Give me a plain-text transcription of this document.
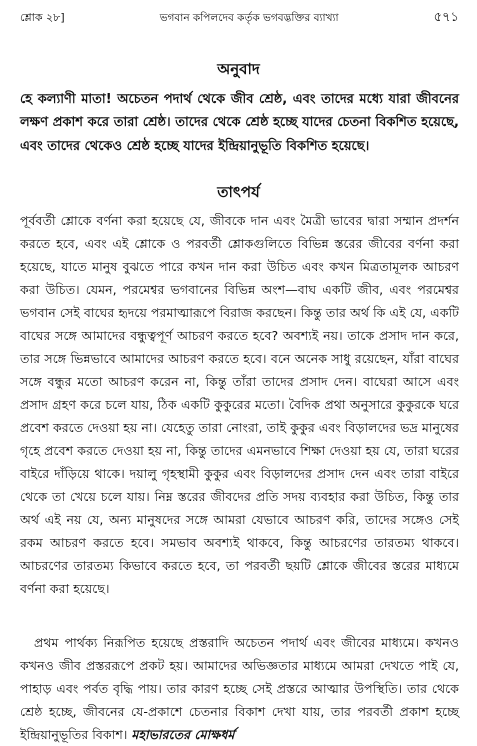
শ্লোক ২৮]	ভগবান কপিলদেব কর্তৃক ভগবদ্ভক্তির ব্যাখ্যা	৫৭১
অনুবাদ
হে কল্যাণী মাতা! অচেতন পদার্থ থেকে জীব শ্রেষ্ঠ, এবং তাদের মধ্যে যারা জীবনের লক্ষণ প্রকাশ করে তারা শ্রেষ্ঠ। তাদের থেকে শ্রেষ্ঠ হচ্ছে যাদের চেতনা বিকশিত হয়েছে, এবং তাদের থেকেও শ্রেষ্ঠ হচ্ছে যাদের ইন্দ্রিয়ানুভূতি বিকশিত হয়েছে।
তাৎপর্য
পূর্ববর্তী শ্লোকে বর্ণনা করা হয়েছে যে, জীবকে দান এবং মৈত্রী ভাবের দ্বারা সম্মান প্রদর্শন করতে হবে, এবং এই শ্লোকে ও পরবর্তী শ্লোকগুলিতে বিভিন্ন স্তরের জীবের বর্ণনা করা হয়েছে, যাতে মানুষ বুঝতে পারে কখন দান করা উচিত এবং কখন মিত্রতামূলক আচরণ করা উচিত। যেমন, পরমেশ্বর ভগবানের বিভিন্ন অংশ—বাঘ একটি জীব, এবং পরমেশ্বর ভগবান সেই বাঘের হৃদয়ে পরমাত্মারূপে বিরাজ করছেন। কিন্তু তার অর্থ কি এই যে, একটি বাঘের সঙ্গে আমাদের বন্ধুত্বপূর্ণ আচরণ করতে হবে? অবশ্যই নয়। তাকে প্রসাদ দান করে, তার সঙ্গে ভিন্নভাবে আমাদের আচরণ করতে হবে। বনে অনেক সাধু রয়েছেন, যাঁরা বাঘের সঙ্গে বন্ধুর মতো আচরণ করেন না, কিন্তু তাঁরা তাদের প্রসাদ দেন। বাঘেরা আসে এবং প্রসাদ গ্রহণ করে চলে যায়, ঠিক একটি কুকুরের মতো। বৈদিক প্রথা অনুসারে কুকুরকে ঘরে প্রবেশ করতে দেওয়া হয় না। যেহেতু তারা নোংরা, তাই কুকুর এবং বিড়ালদের ভদ্র মানুষের গৃহে প্রবেশ করতে দেওয়া হয় না, কিন্তু তাদের এমনভাবে শিক্ষা দেওয়া হয় যে, তারা ঘরের বাইরে দাঁড়িয়ে থাকে। দয়ালু গৃহস্থামী কুকুর এবং বিড়ালদের প্রসাদ দেন এবং তারা বাইরে থেকে তা খেয়ে চলে যায়। নিম্ন স্তরের জীবদের প্রতি সদয় ব্যবহার করা উচিত, কিন্তু তার অর্থ এই নয় যে, অন্য মানুষদের সঙ্গে আমরা যেভাবে আচরণ করি, তাদের সঙ্গেও সেই রকম আচরণ করতে হবে। সমভাব অবশ্যই থাকবে, কিন্তু আচরণের তারতম্য থাকবে। আচরণের তারতম্য কিভাবে করতে হবে, তা পরবর্তী ছয়টি শ্লোকে জীবের স্তরের মাধ্যমে বর্ণনা করা হয়েছে।
প্রথম পার্থক্য নিরূপিত হয়েছে প্রস্তরাদি অচেতন পদার্থ এবং জীবের মাধ্যমে। কখনও কখনও জীব প্রস্তররূপে প্রকট হয়। আমাদের অভিজ্ঞতার মাধ্যমে আমরা দেখতে পাই যে, পাহাড় এবং পর্বত বৃদ্ধি পায়। তার কারণ হচ্ছে সেই প্রস্তরে আত্মার উপস্থিতি। তার থেকে শ্রেষ্ঠ হচ্ছে, জীবনের যে-প্রকাশে চেতনার বিকাশ দেখা যায়, তার পরবর্তী প্রকাশ হচ্ছে ইন্দ্রিয়ানুভূতির বিকাশ। মহাভারতের মোক্ষধর্ম
